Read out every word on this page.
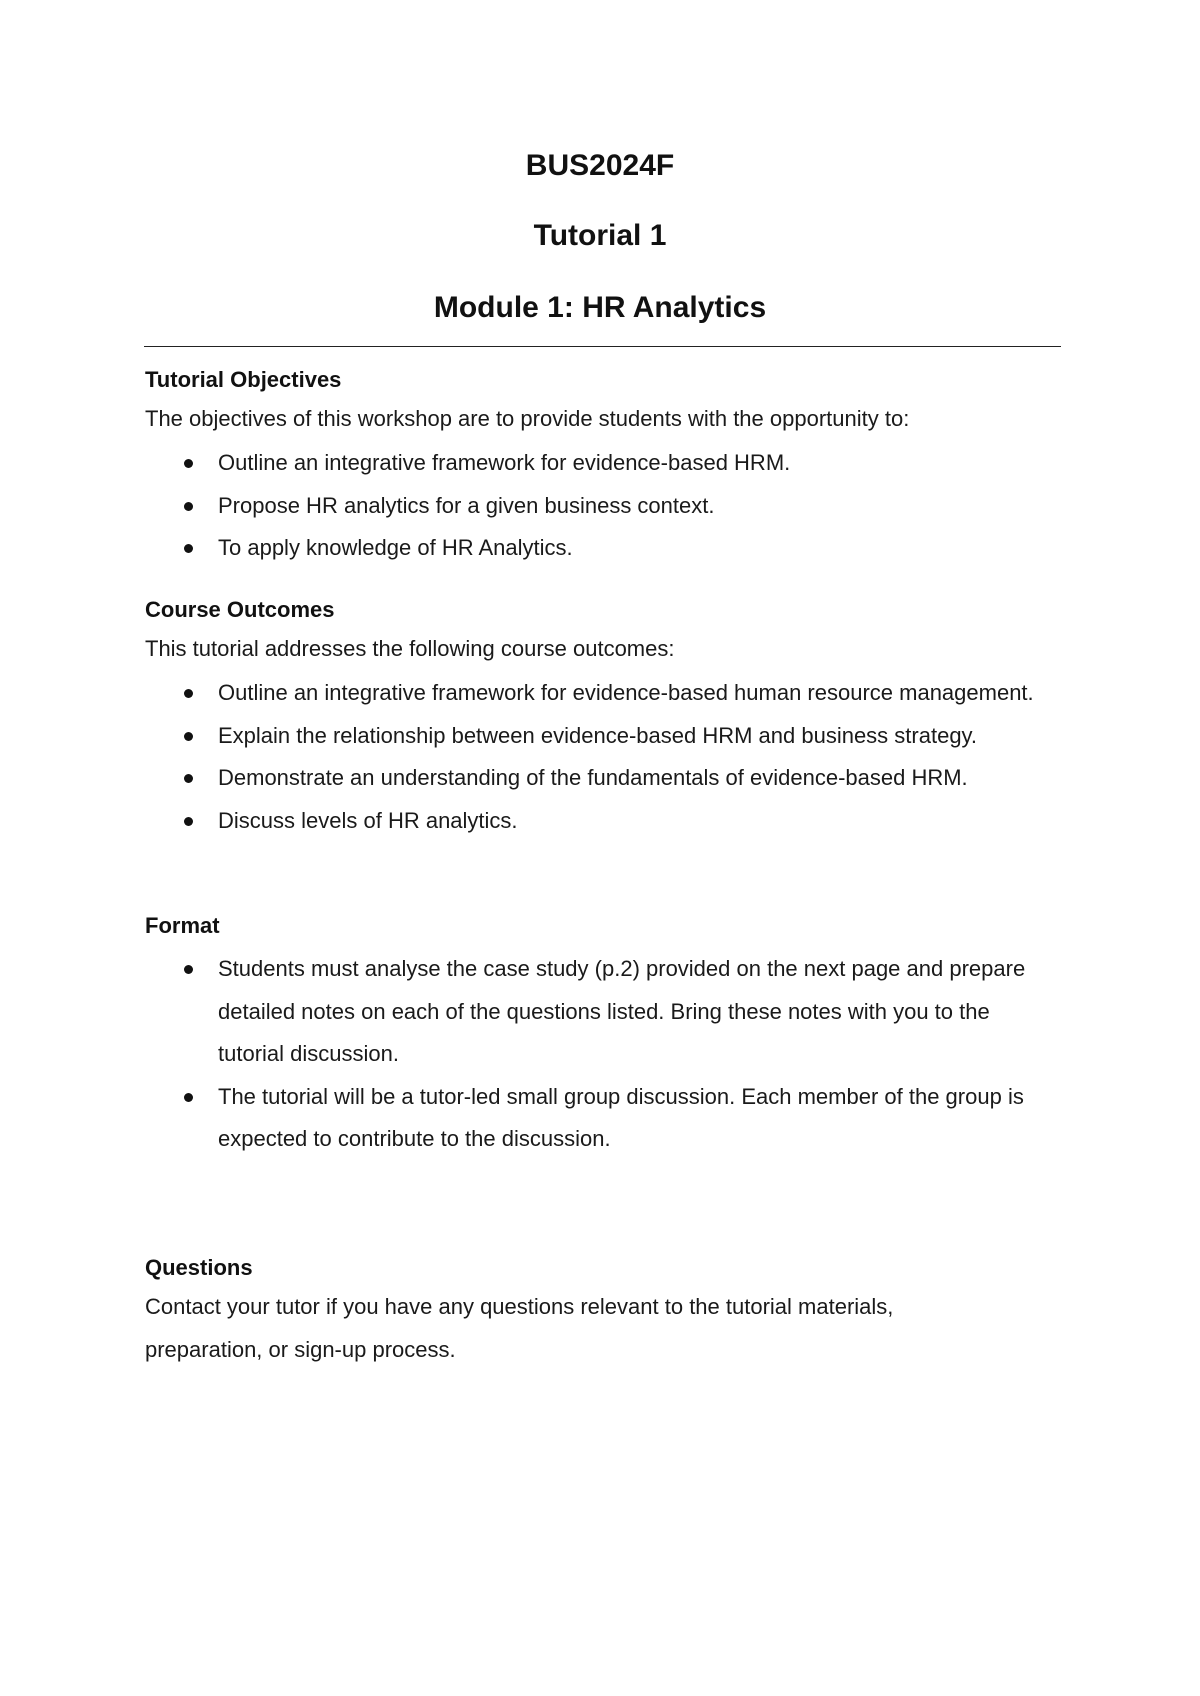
BUS2024F
Tutorial 1
Module 1: HR Analytics
Tutorial Objectives

The objectives of this workshop are to provide students with the opportunity to:

Outline an integrative framework for evidence-based HRM.
Propose HR analytics for a given business context.
To apply knowledge of HR Analytics.
Course Outcomes

This tutorial addresses the following course outcomes:

Outline an integrative framework for evidence-based human resource management.
Explain the relationship between evidence-based HRM and business strategy.
Demonstrate an understanding of the fundamentals of evidence-based HRM.
Discuss levels of HR analytics.
Format
Students must analyse the case study (p.2) provided on the next page and prepare detailed notes on each of the questions listed. Bring these notes with you to the tutorial discussion.
The tutorial will be a tutor-led small group discussion. Each member of the group is expected to contribute to the discussion.
Questions

Contact your tutor if you have any questions relevant to the tutorial materials, preparation, or sign-up process.
